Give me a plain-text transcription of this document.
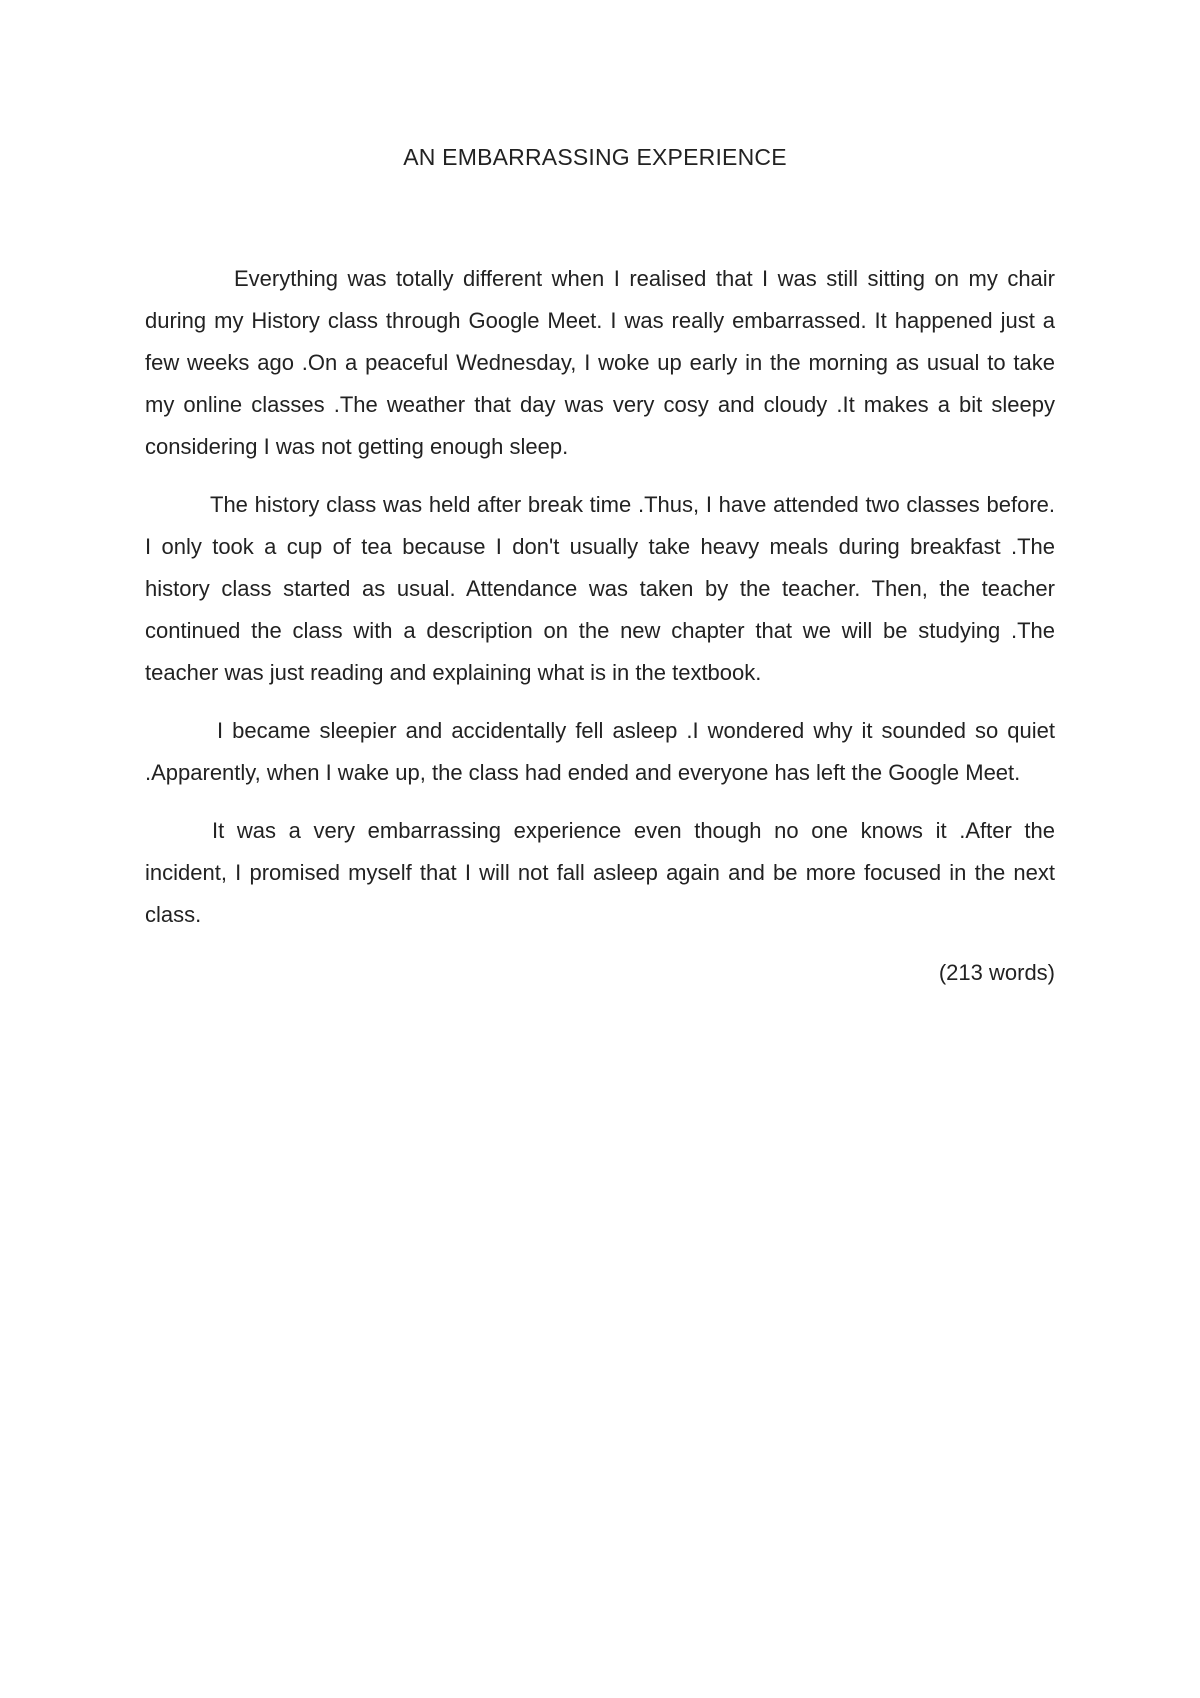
AN EMBARRASSING EXPERIENCE

Everything was totally different when I realised that I was still sitting on my chair during my History class through Google Meet. I was really embarrassed. It happened just a few weeks ago .On a peaceful Wednesday, I woke up early in the morning as usual to take my online classes .The weather that day was very cosy and cloudy .It makes a bit sleepy considering I was not getting enough sleep.

The history class was held after break time .Thus, I have attended two classes before. I only took a cup of tea because I don't usually take heavy meals during breakfast .The history class started as usual. Attendance was taken by the teacher. Then, the teacher continued the class with a description on the new chapter that we will be studying .The teacher was just reading and explaining what is in the textbook.

I became sleepier and accidentally fell asleep .I wondered why it sounded so quiet .Apparently, when I wake up, the class had ended and everyone has left the Google Meet.

It was a very embarrassing experience even though no one knows it .After the incident, I promised myself that I will not fall asleep again and be more focused in the next class.

(213 words)
